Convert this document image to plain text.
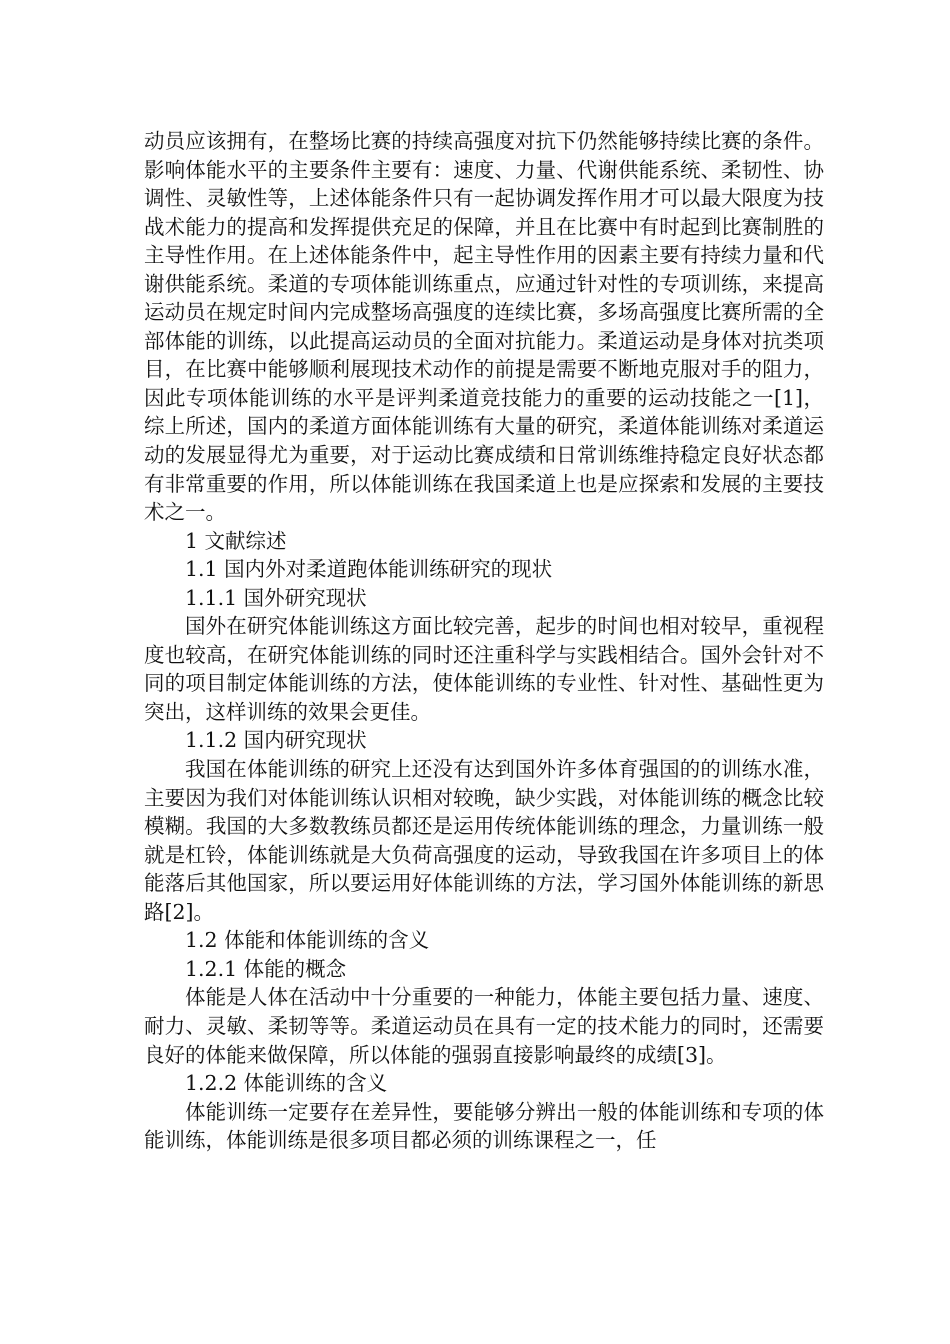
动员应该拥有，在整场比赛的持续高强度对抗下仍然能够持续比赛的条件。影响体能水平的主要条件主要有：速度、力量、代谢供能系统、柔韧性、协调性、灵敏性等，上述体能条件只有一起协调发挥作用才可以最大限度为技战术能力的提高和发挥提供充足的保障，并且在比赛中有时起到比赛制胜的主导性作用。在上述体能条件中，起主导性作用的因素主要有持续力量和代谢供能系统。柔道的专项体能训练重点，应通过针对性的专项训练，来提高运动员在规定时间内完成整场高强度的连续比赛，多场高强度比赛所需的全部体能的训练，以此提高运动员的全面对抗能力。柔道运动是身体对抗类项目，在比赛中能够顺利展现技术动作的前提是需要不断地克服对手的阻力，因此专项体能训练的水平是评判柔道竞技能力的重要的运动技能之一[1]，综上所述，国内的柔道方面体能训练有大量的研究，柔道体能训练对柔道运动的发展显得尤为重要，对于运动比赛成绩和日常训练维持稳定良好状态都有非常重要的作用，所以体能训练在我国柔道上也是应探索和发展的主要技术之一。

1 文献综述

1.1 国内外对柔道跑体能训练研究的现状

1.1.1 国外研究现状

国外在研究体能训练这方面比较完善，起步的时间也相对较早，重视程度也较高，在研究体能训练的同时还注重科学与实践相结合。国外会针对不同的项目制定体能训练的方法，使体能训练的专业性、针对性、基础性更为突出，这样训练的效果会更佳。

1.1.2 国内研究现状

我国在体能训练的研究上还没有达到国外许多体育强国的的训练水准，主要因为我们对体能训练认识相对较晚，缺少实践，对体能训练的概念比较模糊。我国的大多数教练员都还是运用传统体能训练的理念，力量训练一般就是杠铃，体能训练就是大负荷高强度的运动，导致我国在许多项目上的体能落后其他国家，所以要运用好体能训练的方法，学习国外体能训练的新思路[2]。

1.2 体能和体能训练的含义

1.2.1 体能的概念

体能是人体在活动中十分重要的一种能力，体能主要包括力量、速度、耐力、灵敏、柔韧等等。柔道运动员在具有一定的技术能力的同时，还需要良好的体能来做保障，所以体能的强弱直接影响最终的成绩[3]。

1.2.2 体能训练的含义

体能训练一定要存在差异性，要能够分辨出一般的体能训练和专项的体能训练，体能训练是很多项目都必须的训练课程之一，任
